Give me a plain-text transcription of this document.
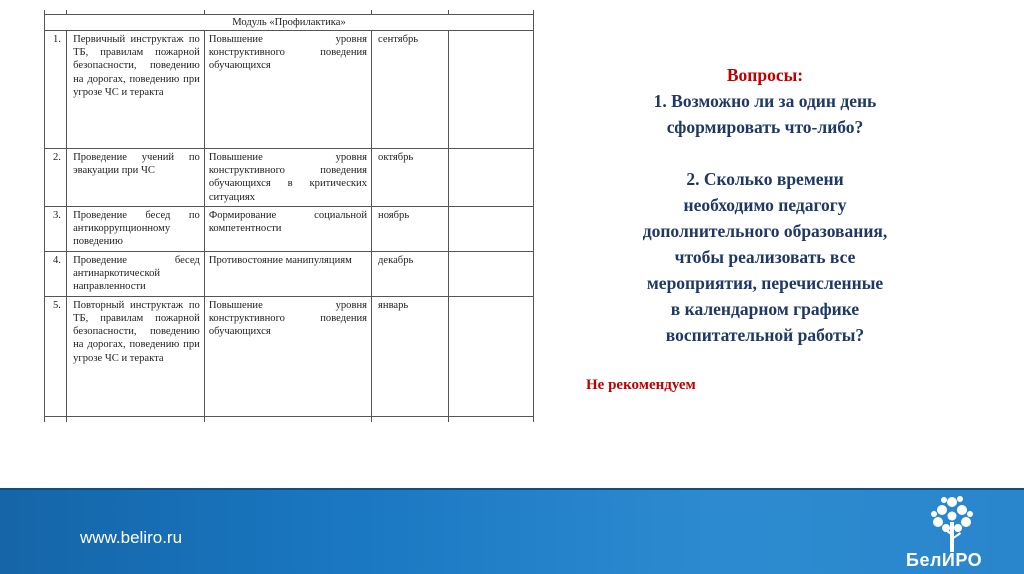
Модуль «Профилактика»				
1.	Первичный инструктаж по ТБ, правилам пожарной безопасности, поведению на дорогах, поведению при угрозе ЧС и теракта	Повышение уровня конструктивного поведения обучающихся	сентябрь	
2.	Проведение учений по эвакуации при ЧС	Повышение уровня конструктивного поведения обучающихся в критических ситуациях	октябрь	
3.	Проведение бесед по антикоррупционному поведению	Формирование социальной компетентности	ноябрь	
4.	Проведение бесед антинаркотической направленности	Противостояние манипуляциям	декабрь	
5.	Повторный инструктаж по ТБ, правилам пожарной безопасности, поведению на дорогах, поведению при угрозе ЧС и теракта	Повышение уровня конструктивного поведения обучающихся	январь	

Вопросы:
1. Возможно ли за один день
сформировать что-либо?
2. Сколько времени
необходимо педагогу
дополнительного образования,
чтобы реализовать все
мероприятия, перечисленные
в календарном графике
воспитательной работы?
Не рекомендуем
www.beliro.ru
БелИРО
